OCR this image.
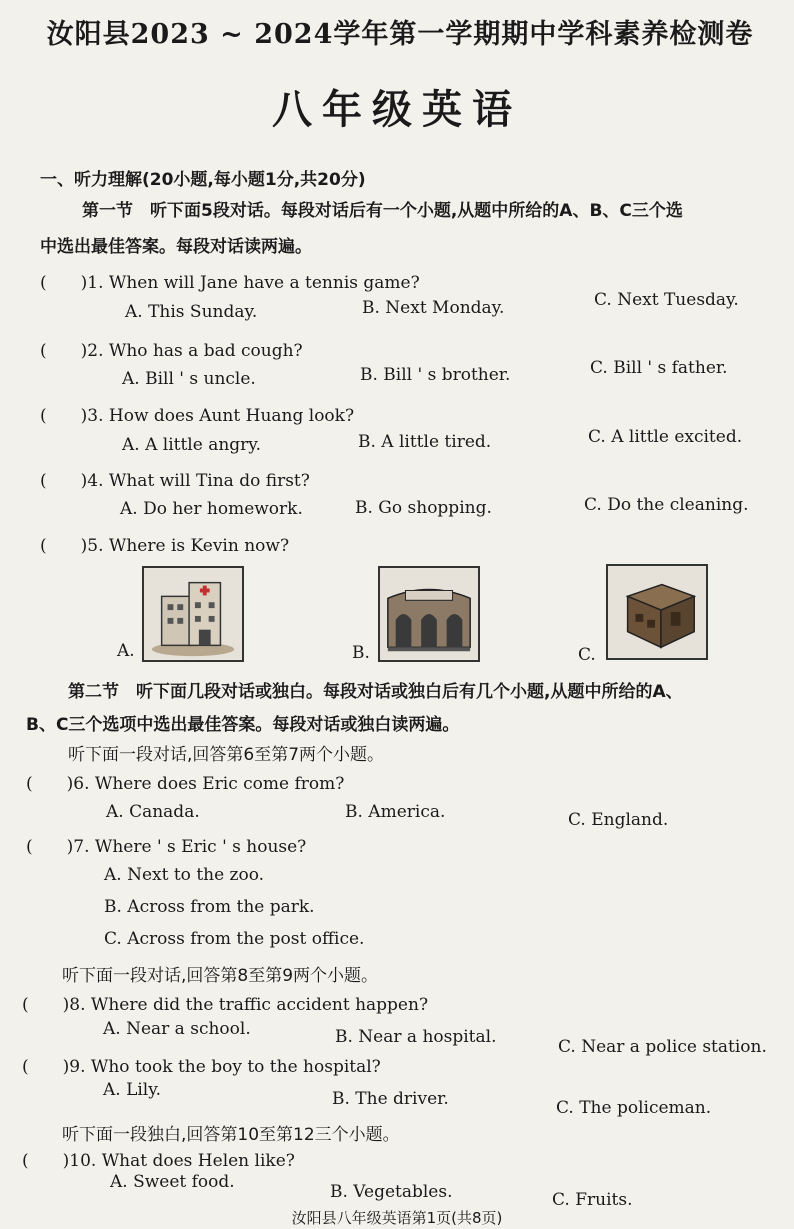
汝阳县2023 ~ 2024学年第一学期期中学科素养检测卷
八年级英语
一、听力理解(20小题,每小题1分,共20分)
第一节　听下面5段对话。每段对话后有一个小题,从题中所给的A、B、C三个选
中选出最佳答案。每段对话读两遍。
(　　)1. When will Jane have a tennis game?
A. This Sunday.	B. Next Monday.	C. Next Tuesday.
(　　)2. Who has a bad cough?
A. Bill ' s uncle.	B. Bill ' s brother.	C. Bill ' s father.
(　　)3. How does Aunt Huang look?
A. A little angry.	B. A little tired.	C. A little excited.
(　　)4. What will Tina do first?
A. Do her homework.	B. Go shopping.	C. Do the cleaning.
(　　)5. Where is Kevin now?
A.	B.	C.
第二节　听下面几段对话或独白。每段对话或独白后有几个小题,从题中所给的A、
B、C三个选项中选出最佳答案。每段对话或独白读两遍。
听下面一段对话,回答第6至第7两个小题。
(　　)6. Where does Eric come from?
A. Canada.	B. America.	C. England.
(　　)7. Where ' s Eric ' s house?
A. Next to the zoo.
B. Across from the park.
C. Across from the post office.
听下面一段对话,回答第8至第9两个小题。
(　　)8. Where did the traffic accident happen?
A. Near a school.	B. Near a hospital.	C. Near a police station.
(　　)9. Who took the boy to the hospital?
A. Lily.	B. The driver.	C. The policeman.
听下面一段独白,回答第10至第12三个小题。
(　　)10. What does Helen like?
A. Sweet food.	B. Vegetables.	C. Fruits.
汝阳县八年级英语第1页(共8页)
